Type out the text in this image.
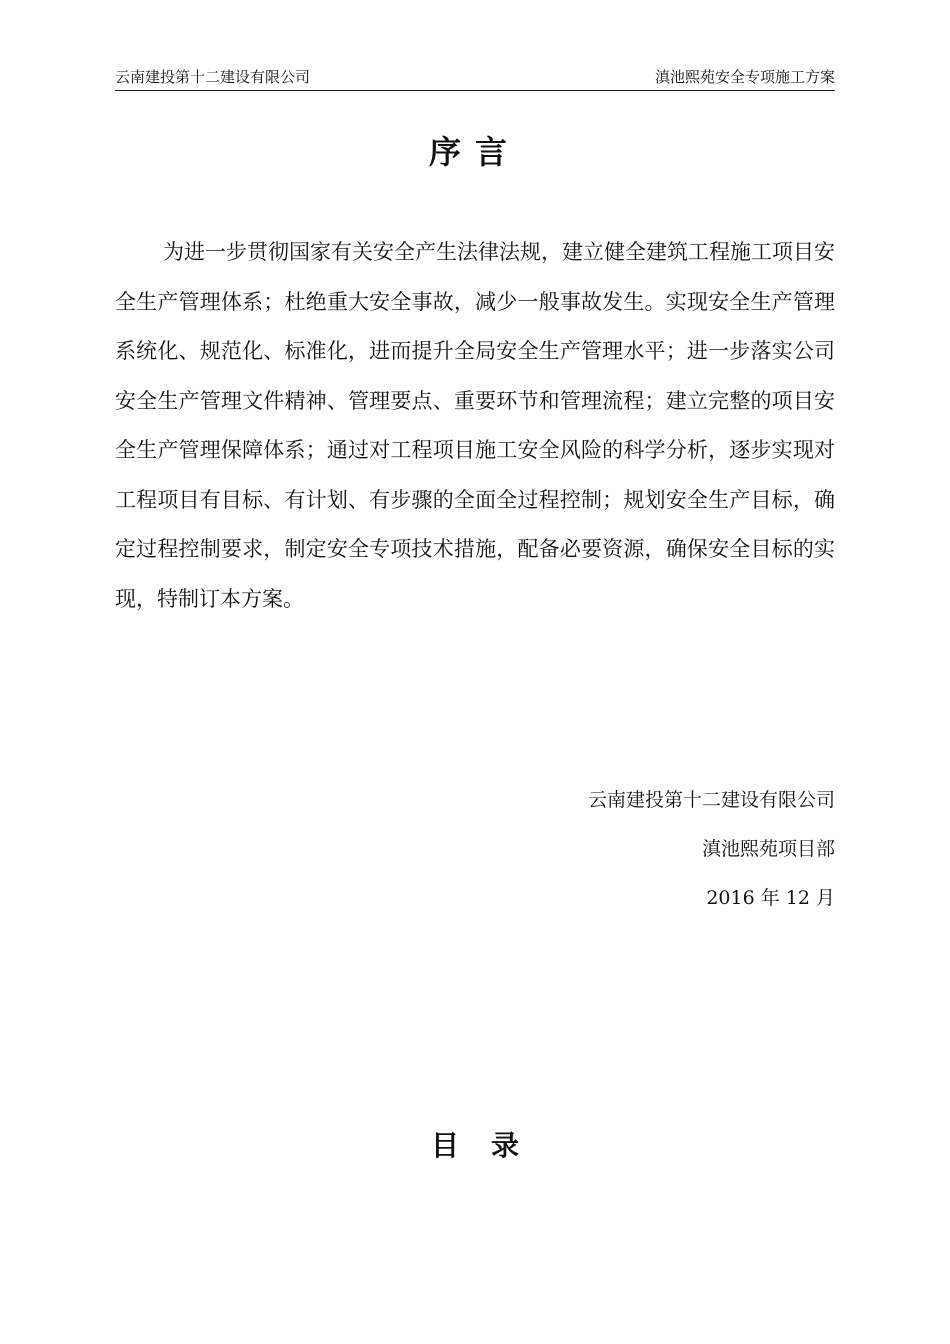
云南建投第十二建设有限公司	滇池熙苑安全专项施工方案
序言

为进一步贯彻国家有关安全产生法律法规，建立健全建筑工程施工项目安全生产管理体系；杜绝重大安全事故，减少一般事故发生。实现安全生产管理系统化、规范化、标准化，进而提升全局安全生产管理水平；进一步落实公司安全生产管理文件精神、管理要点、重要环节和管理流程；建立完整的项目安全生产管理保障体系；通过对工程项目施工安全风险的科学分析，逐步实现对工程项目有目标、有计划、有步骤的全面全过程控制；规划安全生产目标，确定过程控制要求，制定安全专项技术措施，配备必要资源，确保安全目标的实现，特制订本方案。

云南建投第十二建设有限公司
滇池熙苑项目部
2016 年 12 月
目录
